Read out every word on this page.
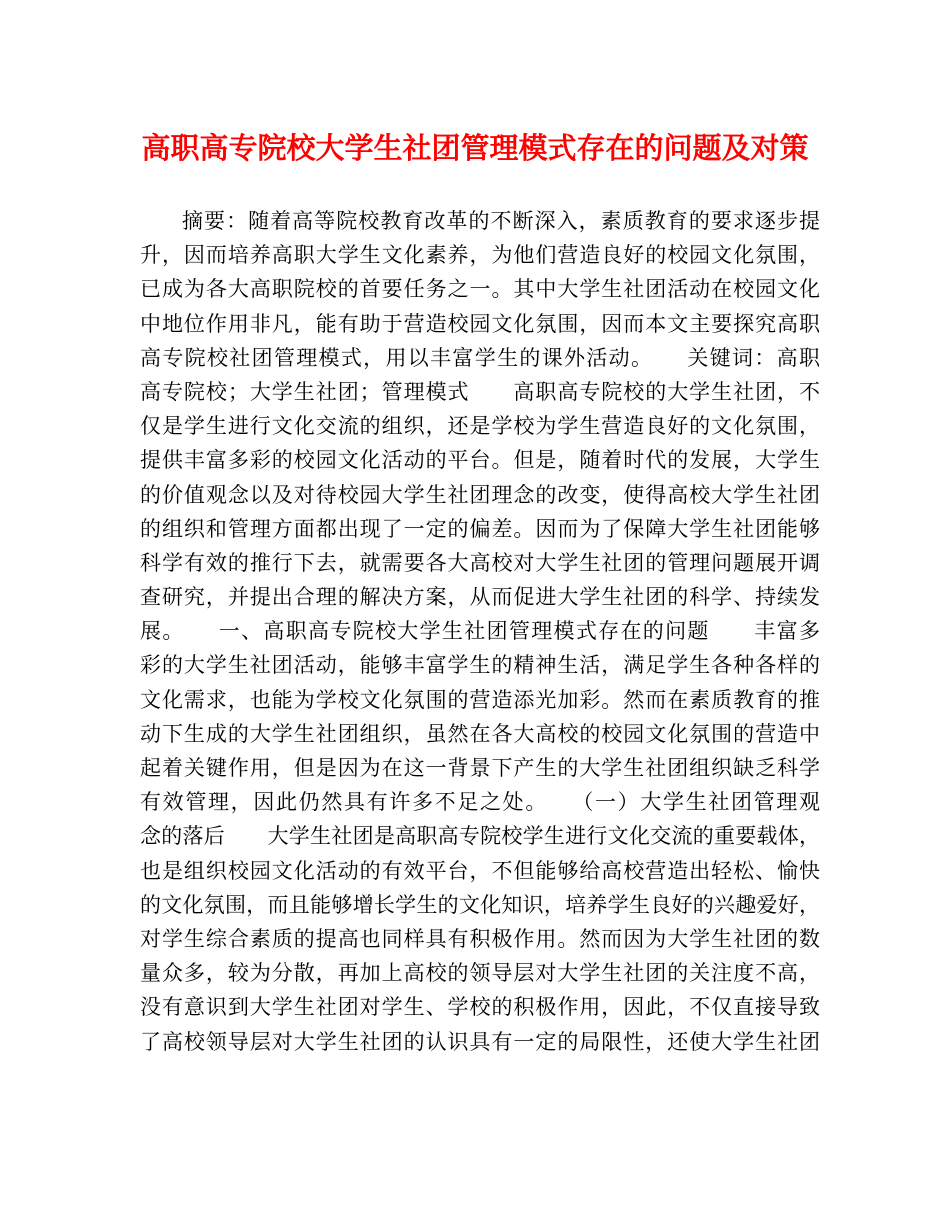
高职高专院校大学生社团管理模式存在的问题及对策
摘要：随着高等院校教育改革的不断深入，素质教育的要求逐步提
升，因而培养高职大学生文化素养，为他们营造良好的校园文化氛围，
已成为各大高职院校的首要任务之一。其中大学生社团活动在校园文化
中地位作用非凡，能有助于营造校园文化氛围，因而本文主要探究高职
高专院校社团管理模式，用以丰富学生的课外活动。　　关键词：高职
高专院校；大学生社团；管理模式　　高职高专院校的大学生社团，不
仅是学生进行文化交流的组织，还是学校为学生营造良好的文化氛围，
提供丰富多彩的校园文化活动的平台。但是，随着时代的发展，大学生
的价值观念以及对待校园大学生社团理念的改变，使得高校大学生社团
的组织和管理方面都出现了一定的偏差。因而为了保障大学生社团能够
科学有效的推行下去，就需要各大高校对大学生社团的管理问题展开调
查研究，并提出合理的解决方案，从而促进大学生社团的科学、持续发
展。　　一、高职高专院校大学生社团管理模式存在的问题　　丰富多
彩的大学生社团活动，能够丰富学生的精神生活，满足学生各种各样的
文化需求，也能为学校文化氛围的营造添光加彩。然而在素质教育的推
动下生成的大学生社团组织，虽然在各大高校的校园文化氛围的营造中
起着关键作用，但是因为在这一背景下产生的大学生社团组织缺乏科学
有效管理，因此仍然具有许多不足之处。　　（一）大学生社团管理观
念的落后　　大学生社团是高职高专院校学生进行文化交流的重要载体，
也是组织校园文化活动的有效平台，不但能够给高校营造出轻松、愉快
的文化氛围，而且能够增长学生的文化知识，培养学生良好的兴趣爱好，
对学生综合素质的提高也同样具有积极作用。然而因为大学生社团的数
量众多，较为分散，再加上高校的领导层对大学生社团的关注度不高，
没有意识到大学生社团对学生、学校的积极作用，因此，不仅直接导致
了高校领导层对大学生社团的认识具有一定的局限性，还使大学生社团
